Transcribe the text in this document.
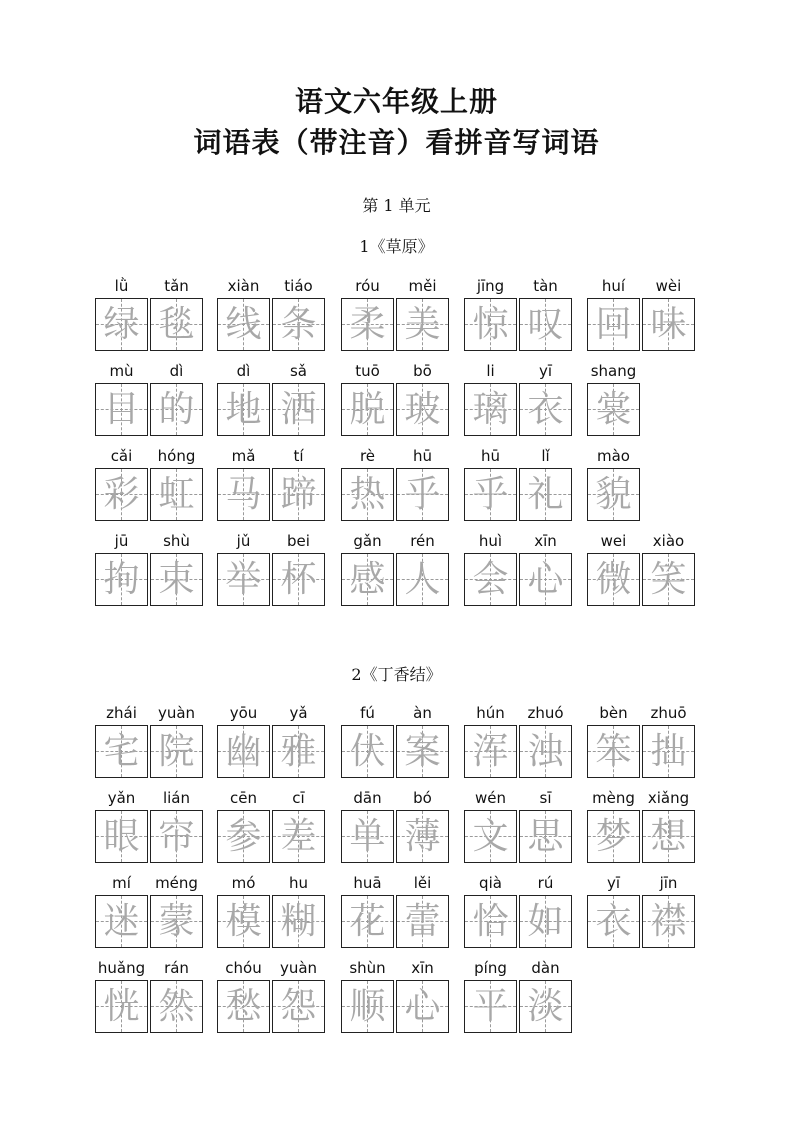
语文六年级上册
词语表（带注音）看拼音写词语
第 1 单元
1《草原》
lǜ
绿
tǎn
毯
xiàn
线
tiáo
条
róu
柔
měi
美
jīng
惊
tàn
叹
huí
回
wèi
味
mù
目
dì
的
dì
地
sǎ
洒
tuō
脱
bō
玻
li
璃
yī
衣
shang
裳
cǎi
彩
hóng
虹
mǎ
马
tí
蹄
rè
热
hū
乎
hū
乎
lǐ
礼
mào
貌
jū
拘
shù
束
jǔ
举
bei
杯
gǎn
感
rén
人
huì
会
xīn
心
wei
微
xiào
笑
2《丁香结》
zhái
宅
yuàn
院
yōu
幽
yǎ
雅
fú
伏
àn
案
hún
浑
zhuó
浊
bèn
笨
zhuō
拙
yǎn
眼
lián
帘
cēn
参
cī
差
dān
单
bó
薄
wén
文
sī
思
mèng
梦
xiǎng
想
mí
迷
méng
蒙
mó
模
hu
糊
huā
花
lěi
蕾
qià
恰
rú
如
yī
衣
jīn
襟
huǎng
恍
rán
然
chóu
愁
yuàn
怨
shùn
顺
xīn
心
píng
平
dàn
淡
